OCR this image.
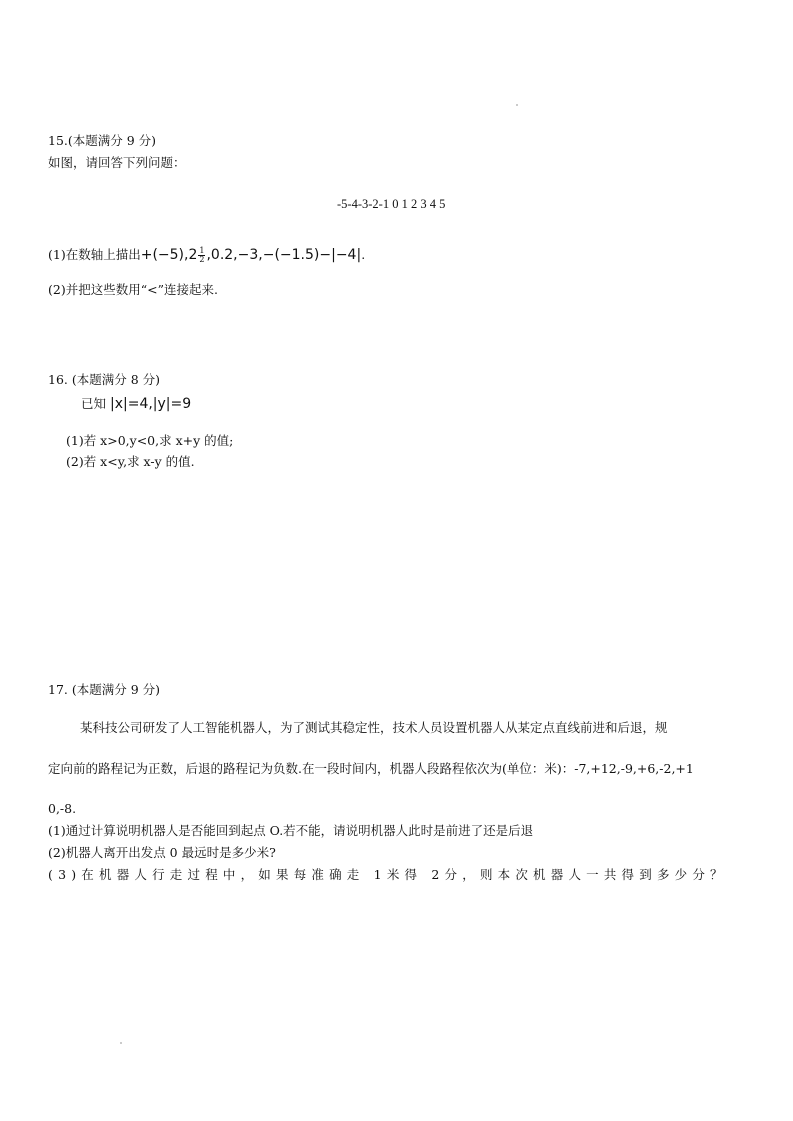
15.(本题满分 9 分)
如图，请回答下列问题：
-5-4-3-2-1 0 1 2 3 4 5
(1)在数轴上描出$+(-5),2 \frac{1}{2} ,0.2,-3,-(-1.5)-|-4|$.
(2)并把这些数用“<”连接起来.
16. (本题满分 8 分)
已知 |x|=4,|y|=9
(1)若 x>0,y<0,求 x+y 的值;
(2)若 x<y,求 x-y 的值.
17. (本题满分 9 分)
某科技公司研发了人工智能机器人，为了测试其稳定性，技术人员设置机器人从某定点直线前进和后退，规
定向前的路程记为正数，后退的路程记为负数.在一段时间内，机器人段路程依次为(单位：米)：-7,+12,-9,+6,-2,+1
0,-8.
(1)通过计算说明机器人是否能回到起点 O.若不能，请说明机器人此时是前进了还是后退
(2)机器人离开出发点 0 最远时是多少米?
(3)在机器人行走过程中，如果每准确走 1米得 2分，则本次机器人一共得到多少分？
